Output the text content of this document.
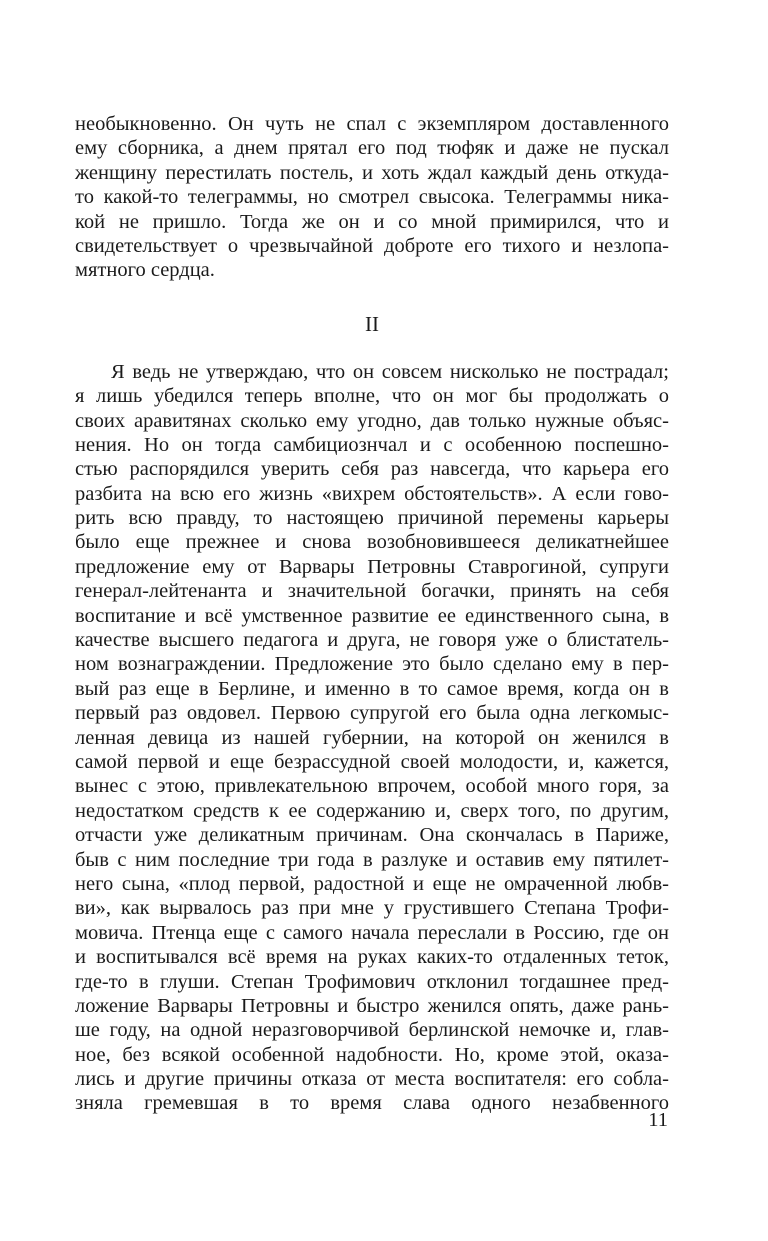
необыкновенно. Он чуть не спал с экземпляром доставленного
ему сборника, а днем прятал его под тюфяк и даже не пускал
женщину перестилать постель, и хоть ждал каждый день откуда-
то какой-то телеграммы, но смотрел свысока. Телеграммы ника-
кой не пришло. Тогда же он и со мной примирился, что и
свидетельствует о чрезвычайной доброте его тихого и незлопа-
мятного сердца.
II
Я ведь не утверждаю, что он совсем нисколько не пострадал;
я лишь убедился теперь вполне, что он мог бы продолжать о
своих аравитянах сколько ему угодно, дав только нужные объяс-
нения. Но он тогда самбициознчал и с особенною поспешно-
стью распорядился уверить себя раз навсегда, что карьера его
разбита на всю его жизнь «вихрем обстоятельств». А если гово-
рить всю правду, то настоящею причиной перемены карьеры
было еще прежнее и снова возобновившееся деликатнейшее
предложение ему от Варвары Петровны Ставрогиной, супруги
генерал-лейтенанта и значительной богачки, принять на себя
воспитание и всё умственное развитие ее единственного сына, в
качестве высшего педагога и друга, не говоря уже о блистатель-
ном вознаграждении. Предложение это было сделано ему в пер-
вый раз еще в Берлине, и именно в то самое время, когда он в
первый раз овдовел. Первою супругой его была одна легкомыс-
ленная девица из нашей губернии, на которой он женился в
самой первой и еще безрассудной своей молодости, и, кажется,
вынес с этою, привлекательною впрочем, особой много горя, за
недостатком средств к ее содержанию и, сверх того, по другим,
отчасти уже деликатным причинам. Она скончалась в Париже,
быв с ним последние три года в разлуке и оставив ему пятилет-
него сына, «плод первой, радостной и еще не омраченной любв-
ви», как вырвалось раз при мне у грустившего Степана Трофи-
мовича. Птенца еще с самого начала переслали в Россию, где он
и воспитывался всё время на руках каких-то отдаленных теток,
где-то в глуши. Степан Трофимович отклонил тогдашнее пред-
ложение Варвары Петровны и быстро женился опять, даже рань-
ше году, на одной неразговорчивой берлинской немочке и, глав-
ное, без всякой особенной надобности. Но, кроме этой, оказа-
лись и другие причины отказа от места воспитателя: его собла-
зняла гремевшая в то время слава одного незабвенного
11
